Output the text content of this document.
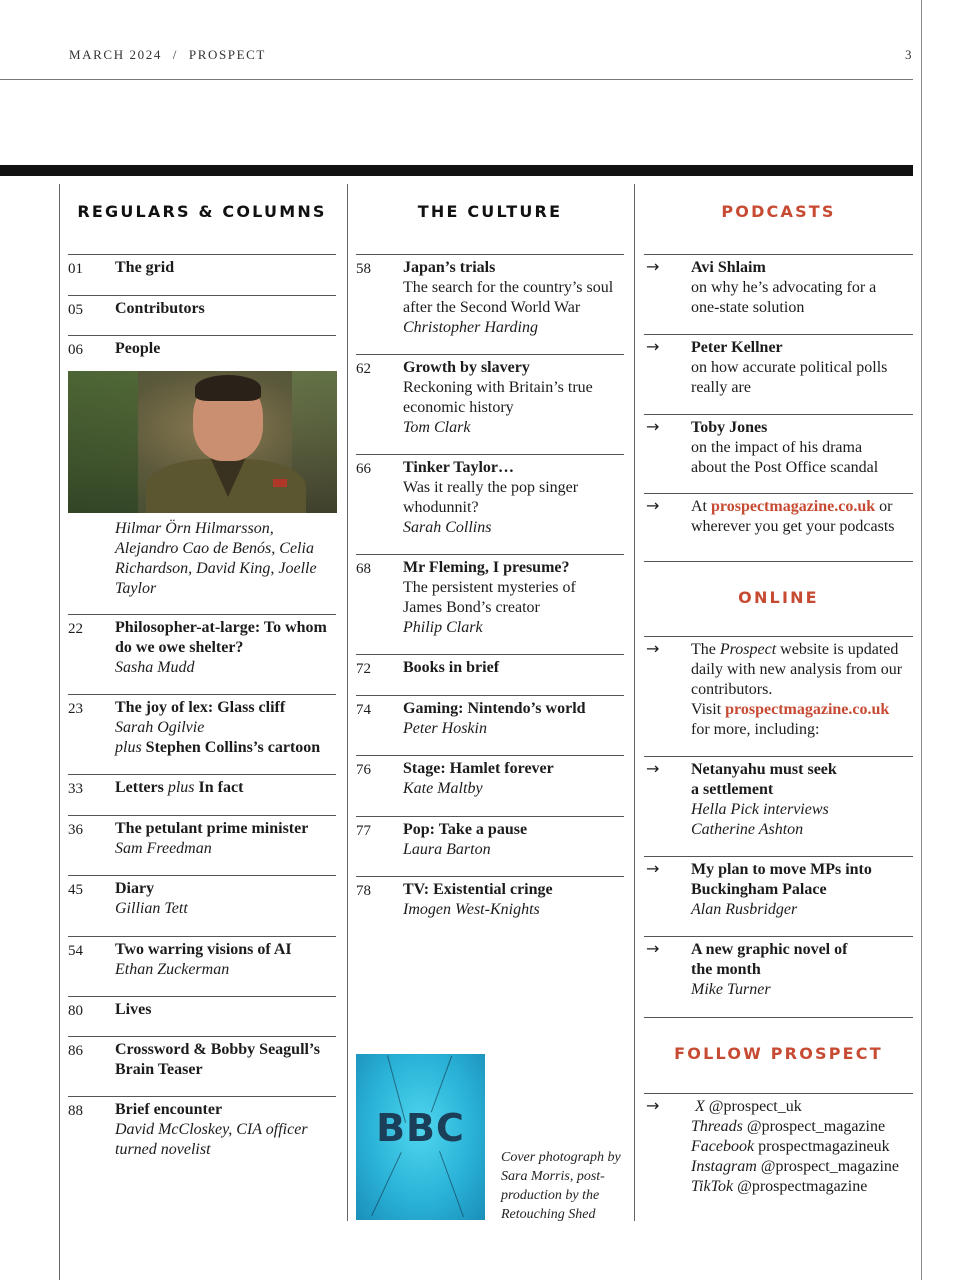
MARCH 2024 / PROSPECT	3
REGULARS & COLUMNS
01 The grid
05 Contributors
06 People
Hilmar Örn Hilmarsson, Alejandro Cao de Benós, Celia Richardson, David King, Joelle Taylor
22 Philosopher-at-large: To whom do we owe shelter?
Sasha Mudd
23 The joy of lex: Glass cliff
Sarah Ogilvie
plus Stephen Collins’s cartoon
33 Letters plus In fact
36 The petulant prime minister
Sam Freedman
45 Diary
Gillian Tett
54 Two warring visions of AI
Ethan Zuckerman
80 Lives
86 Crossword & Bobby Seagull’s Brain Teaser
88 Brief encounter
David McCloskey, CIA officer turned novelist
THE CULTURE
58 Japan’s trials
The search for the country’s soul after the Second World War
Christopher Harding
62 Growth by slavery
Reckoning with Britain’s true economic history
Tom Clark
66 Tinker Taylor…
Was it really the pop singer whodunnit?
Sarah Collins
68 Mr Fleming, I presume?
The persistent mysteries of James Bond’s creator
Philip Clark
72 Books in brief
74 Gaming: Nintendo’s world
Peter Hoskin
76 Stage: Hamlet forever
Kate Maltby
77 Pop: Take a pause
Laura Barton
78 TV: Existential cringe
Imogen West-Knights
BBC
Cover photograph by Sara Morris, post-production by the Retouching Shed
PODCASTS
→ Avi Shlaim
on why he’s advocating for a one-state solution
→ Peter Kellner
on how accurate political polls really are
→ Toby Jones
on the impact of his drama about the Post Office scandal
→ At prospectmagazine.co.uk or wherever you get your podcasts
ONLINE
→ The Prospect website is updated daily with new analysis from our contributors.
Visit prospectmagazine.co.uk
for more, including:
→ Netanyahu must seek a settlement
Hella Pick interviews Catherine Ashton
→ My plan to move MPs into Buckingham Palace
Alan Rusbridger
→ A new graphic novel of the month
Mike Turner
FOLLOW PROSPECT
→ X @prospect_uk
Threads @prospect_magazine
Facebook prospectmagazineuk
Instagram @prospect_magazine
TikTok @prospectmagazine
